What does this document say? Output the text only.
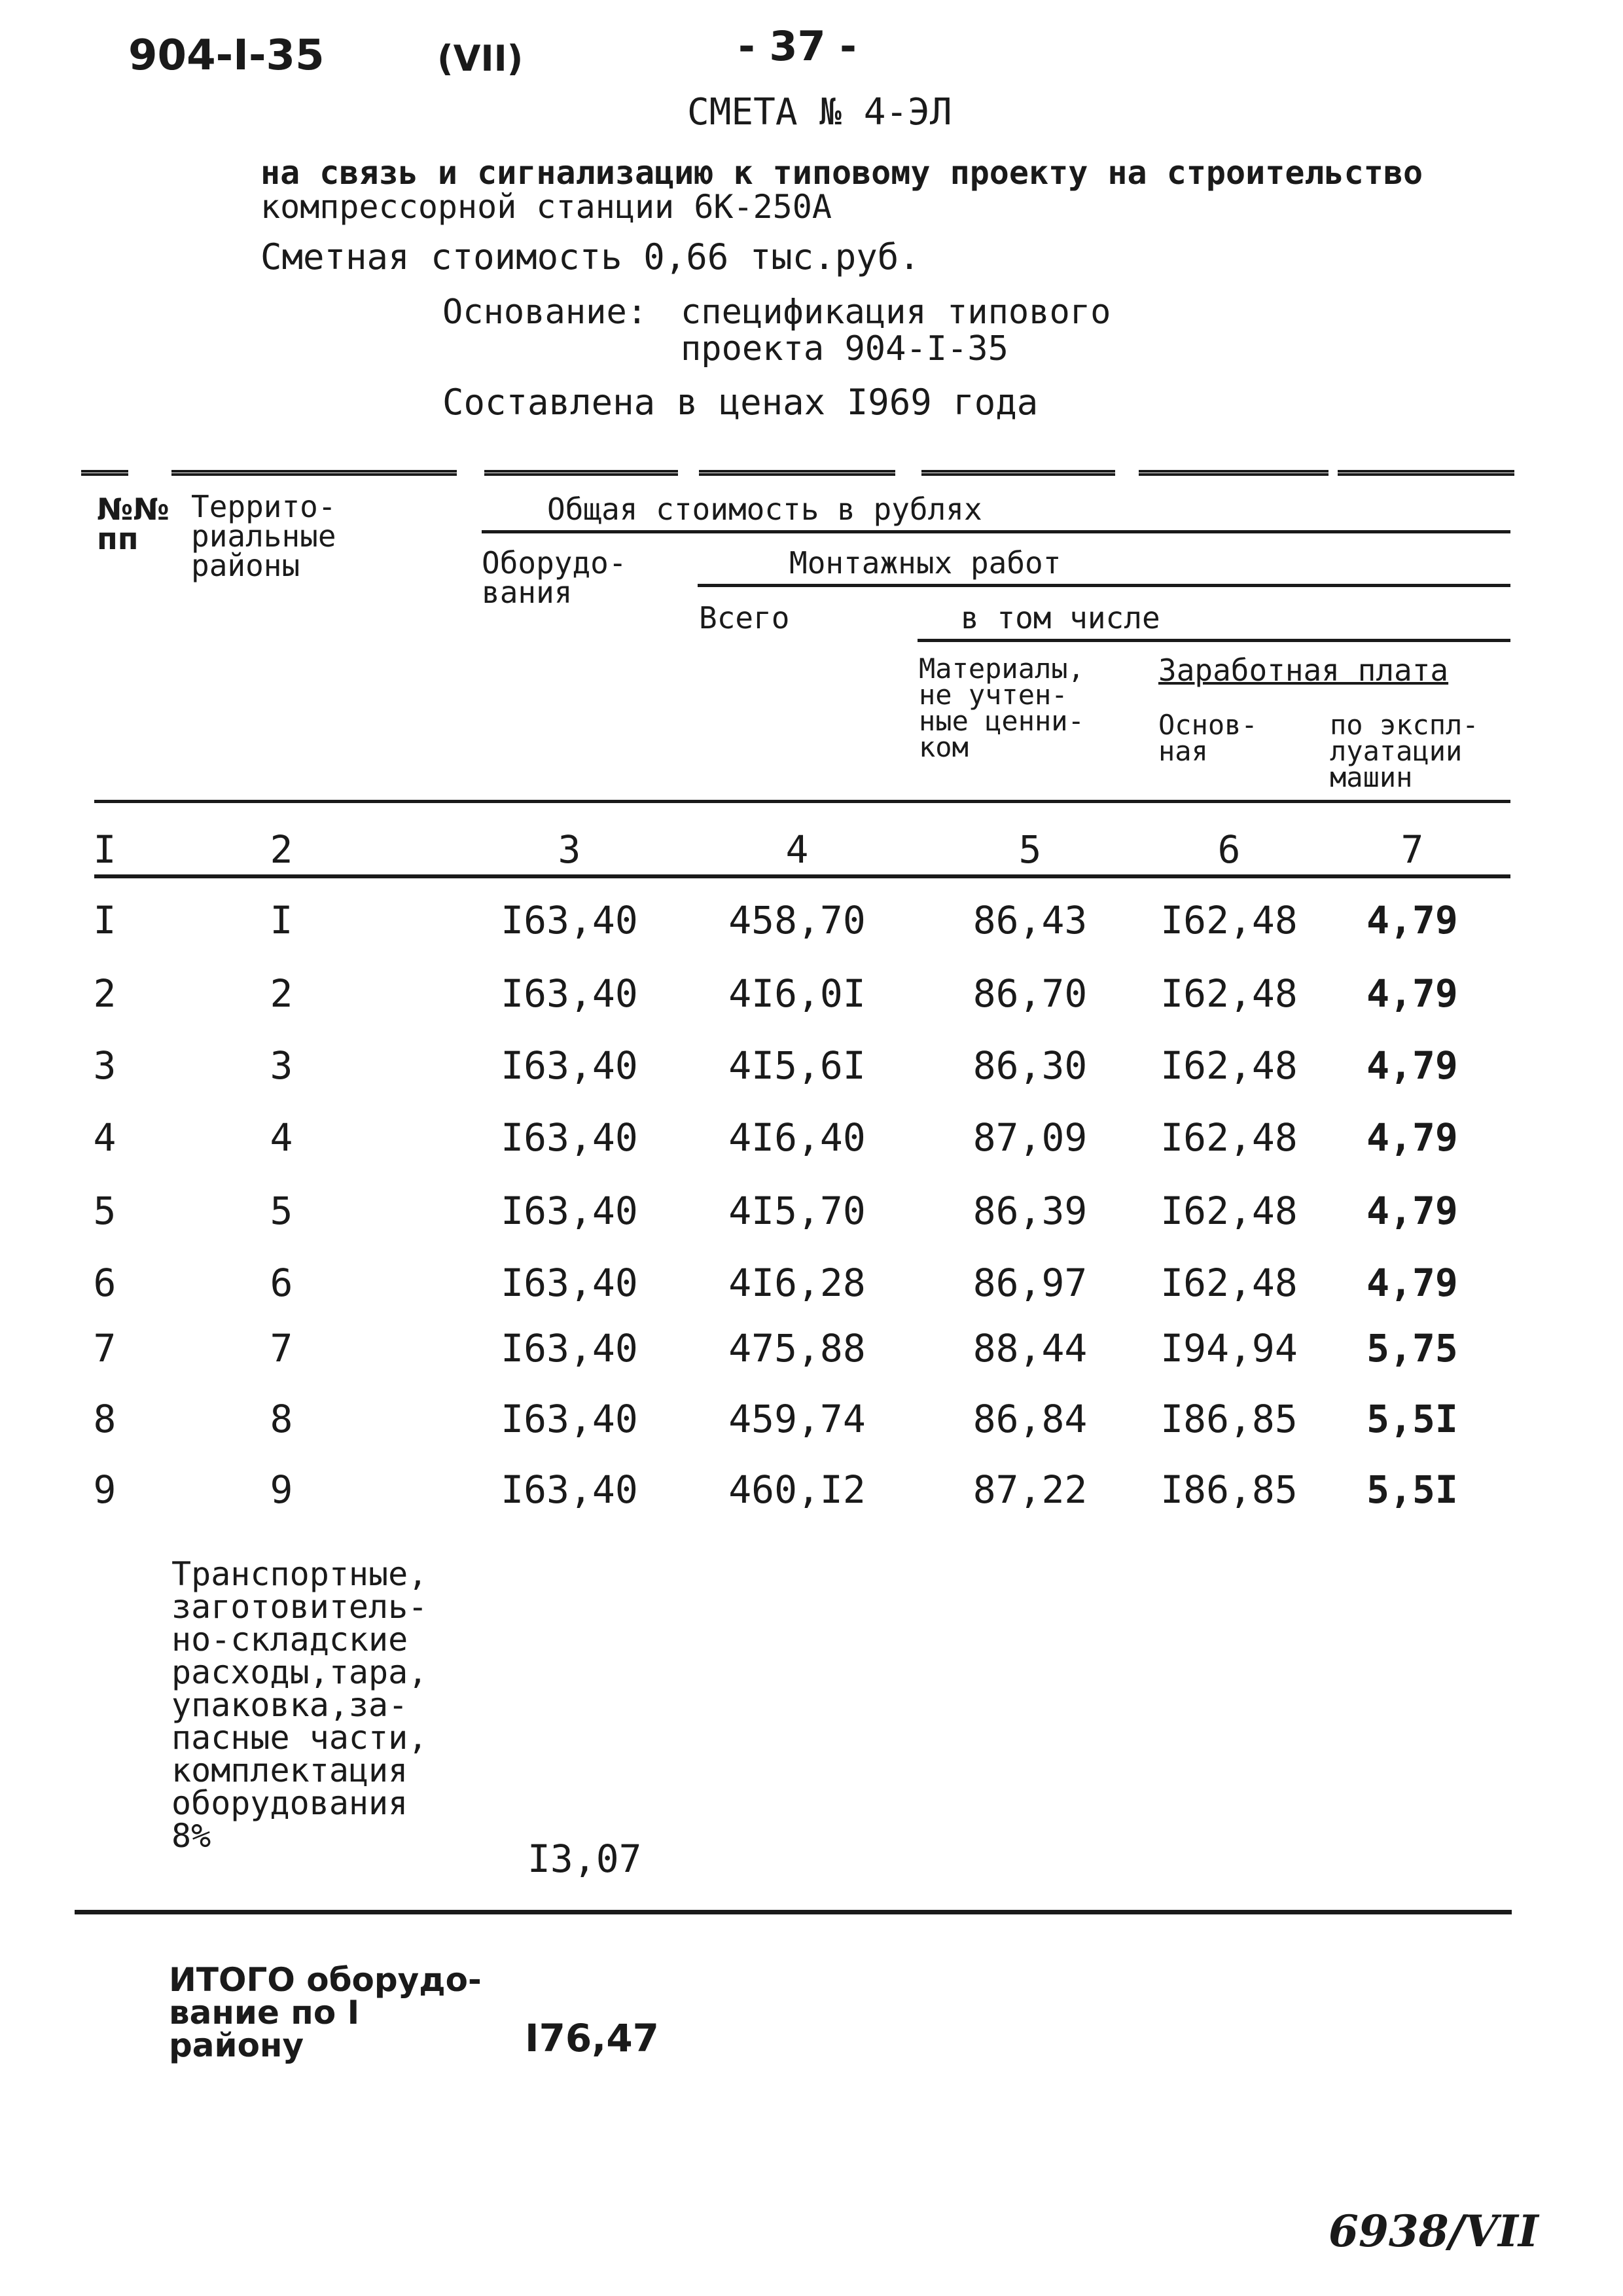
904-I-35	(VII)	- 37 -
СМЕТА № 4-ЭЛ
на связь и сигнализацию к типовому проекту на строительство
компрессорной станции 6К-250А
Сметная стоимость 0,66 тыс.руб.
Основание: спецификация типового
проекта 904-I-35
Составлена в ценах I969 года
№№
пп
Террито-
риальные
районы
Общая стоимость в рублях
Оборудо-
вания
Монтажных работ
Всего	в том числе
Материалы,
не учтен-
ные ценни-
ком
Заработная плата
Основ-
ная
по экспл-
луатации
машин
I	2	3	4	5	6	7
I	I	I63,40	458,70	86,43	I62,48	4,79
2	2	I63,40	4I6,0I	86,70	I62,48	4,79
3	3	I63,40	4I5,6I	86,30	I62,48	4,79
4	4	I63,40	4I6,40	87,09	I62,48	4,79
5	5	I63,40	4I5,70	86,39	I62,48	4,79
6	6	I63,40	4I6,28	86,97	I62,48	4,79
7	7	I63,40	475,88	88,44	I94,94	5,75
8	8	I63,40	459,74	86,84	I86,85	5,5I
9	9	I63,40	460,I2	87,22	I86,85	5,5I
Транспортные,
заготовитель-
но-складские
расходы,тара,
упаковка,за-
пасные части,
комплектация
оборудования
8%
I3,07
ИТОГО оборудо-
вание по I
району	I76,47
6938/VII
